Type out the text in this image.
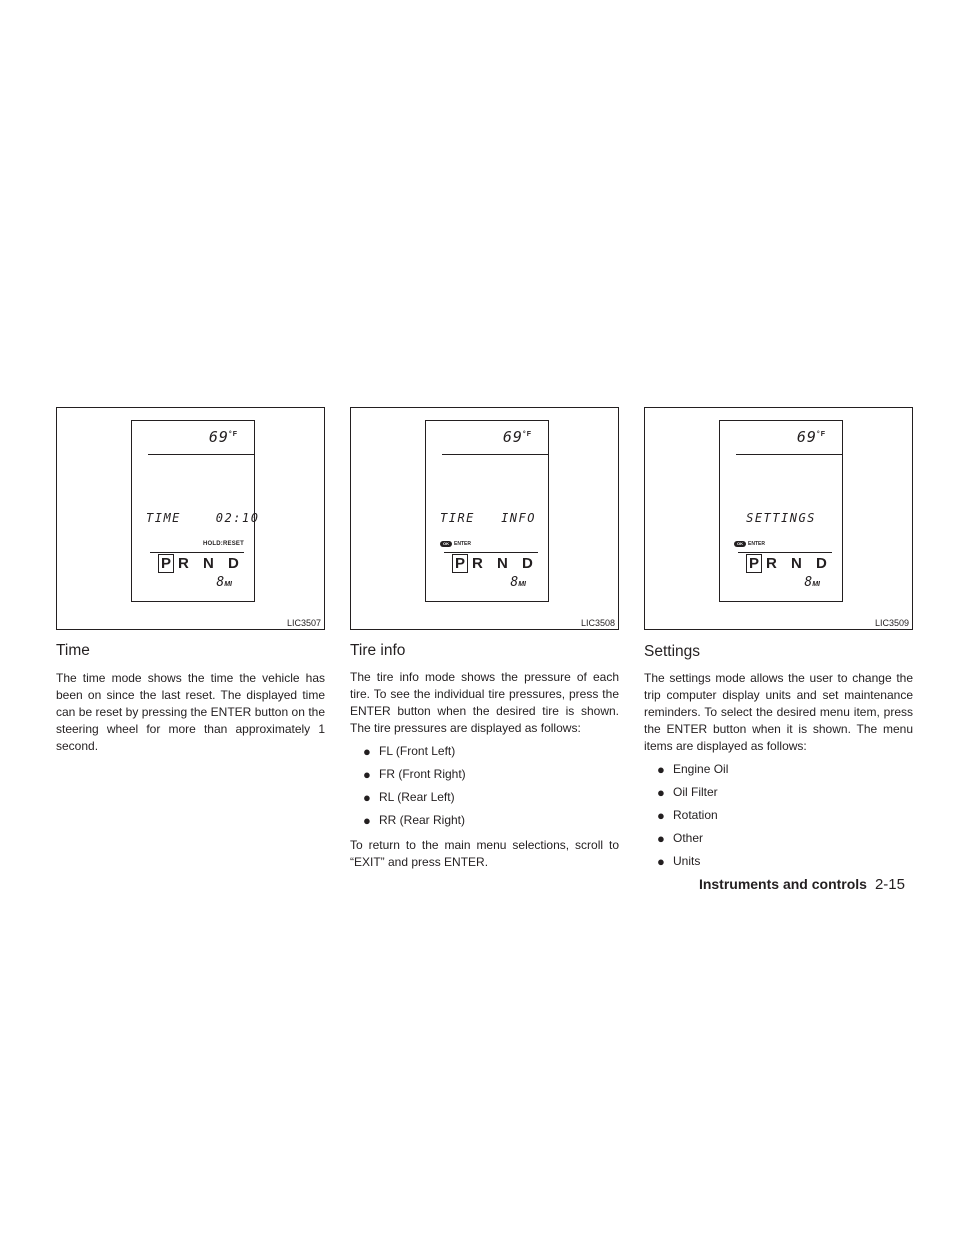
$69^{^\circ F}$
TIME    02:10
HOLD:RESET
P R N D
8MI
LIC3507
Time

The time mode shows the time the vehicle has been on since the last reset. The displayed time can be reset by pressing the ENTER button on the steering wheel for more than approximately 1 second.

$69^{^\circ F}$
TIRE   INFO
OK	ENTER
P R N D
8MI
LIC3508
Tire info

The tire info mode shows the pressure of each tire. To see the individual tire pressures, press the ENTER button when the desired tire is shown. The tire pressures are displayed as follows:

● FL (Front Left)
● FR (Front Right)
● RL (Rear Left)
● RR (Rear Right)

To return to the main menu selections, scroll to “EXIT” and press ENTER.

$69^{^\circ F}$
SETTINGS
OK	ENTER
P R N D
8MI
LIC3509
Settings

The settings mode allows the user to change the trip computer display units and set maintenance reminders. To select the desired menu item, press the ENTER button when it is shown. The menu items are displayed as follows:

● Engine Oil
● Oil Filter
● Rotation
● Other
● Units
Instruments and controls 2-15
